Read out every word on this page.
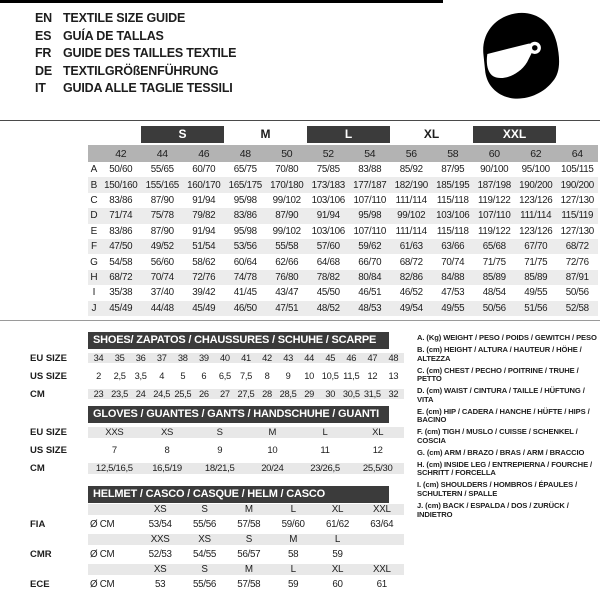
EN TEXTILE SIZE GUIDE
ES GUÍA DE TALLAS
FR GUIDE DES TAILLES TEXTILE
DE TEXTILGRÖßENFÜHRUNG
IT	GUIDA ALLE TAGLIE TESSILI
S	M	L	XL	XXL
42	44	46	48	50	52	54	56	58	60	62	64
A	50/60	55/65	60/70	65/75	70/80	75/85	83/88	85/92	87/95	90/100	95/100	105/115
B 150/160 155/165 160/170 165/175 170/180 173/183 177/187 182/190 185/195 187/198 190/200 190/200
C	83/86	87/90	91/94	95/98	99/102	103/106 107/110 111/114	115/118 119/122 123/126 127/130
D	71/74	75/78	79/82	83/86	87/90	91/94	95/98	99/102	103/106 107/110 111/114	115/119
E	83/86	87/90	91/94	95/98	99/102	103/106 107/110 111/114	115/118 119/122 123/126 127/130
F	47/50	49/52	51/54	53/56	55/58	57/60	59/62	61/63	63/66	65/68	67/70	68/72
G	54/58	56/60	58/62	60/64	62/66	64/68	66/70	68/72	70/74	71/75	71/75	72/76
H	68/72	70/74	72/76	74/78	76/80	78/82	80/84	82/86	84/88	85/89	85/89	87/91
I	35/38	37/40	39/42	41/45	43/47	45/50	46/51	46/52	47/53	48/54	49/55	50/56
J	45/49	44/48	45/49	46/50	47/51	48/52	48/53	49/54	49/55	50/56	51/56	52/58
SHOES/ ZAPATOS / CHAUSSURES / SCHUHE / SCARPE
EU SIZE	34	35	36	37	38	39	40	41	42	43	44	45	46	47	48
US SIZE	2	2,5 3,5	4	5	6	6,5 7,5	8	9	10 10,5 11,5 12	13
CM	23 23,5 24 24,5 25,5 26	27 27,5 28 28,5 29	30 30,5 31,5 32
GLOVES / GUANTES / GANTS / HANDSCHUHE / GUANTI
EU SIZE	XXS	XS	S	M	L	XL
US SIZE	7	8	9	10	11	12
CM	12,5/16,5	16,5/19	18/21,5	20/24	23/26,5	25,5/30
HELMET / CASCO / CASQUE / HELM / CASCO
XS	S	M	L	XL	XXL
FIA	Ø CM	53/54	55/56	57/58	59/60	61/62	63/64
XXS	XS	S	M	L
CMR	Ø CM	52/53	54/55	56/57	58	59
XS	S	M	L	XL	XXL
ECE	Ø CM	53	55/56	57/58	59	60	61
A. (Kg) WEIGHT / PESO / POIDS / GEWITCH / PESO
B. (cm) HEIGHT / ALTURA / HAUTEUR / HÖHE / ALTEZZA
C. (cm) CHEST / PECHO / POITRINE / TRUHE / PETTO
D. (cm) WAIST / CINTURA / TAILLE / HÜFTUNG / VITA
E. (cm) HIP / CADERA / HANCHE / HÜFTE / HIPS / BACINO
F. (cm) TIGH / MUSLO / CUISSE / SCHENKEL / COSCIA
G. (cm) ARM / BRAZO / BRAS / ARM / BRACCIO
H. (cm) INSIDE LEG / ENTREPIERNA / FOURCHE / SCHRITT / FORCELLA
I. (cm) SHOULDERS / HOMBROS / ÉPAULES / SCHULTERN / SPALLE
J. (cm) BACK / ESPALDA / DOS / ZURÜCK / INDIETRO
